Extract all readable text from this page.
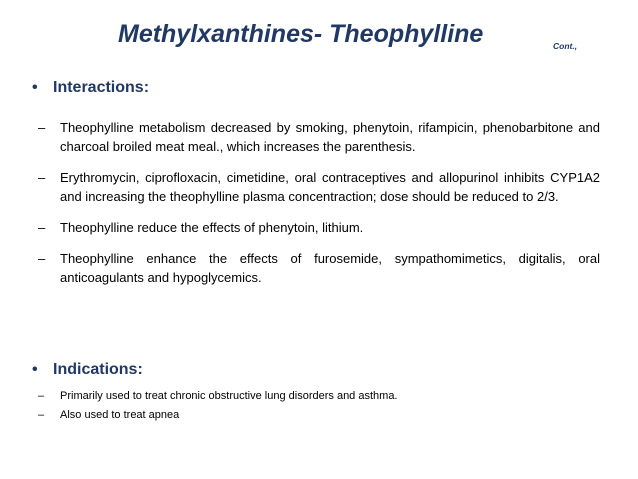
Methylxanthines- Theophylline	Cont.,
• Interactions:
–	Theophylline metabolism decreased by smoking, phenytoin, rifampicin, phenobarbitone and charcoal broiled meat meal., which increases the parenthesis.
–	Erythromycin, ciprofloxacin, cimetidine, oral contraceptives and allopurinol inhibits CYP1A2 and increasing the theophylline plasma concentraction; dose should be reduced to 2/3.
–	Theophylline reduce the effects of phenytoin, lithium.
–	Theophylline enhance the effects of furosemide, sympathomimetics, digitalis, oral anticoagulants and hypoglycemics.
• Indications:
–	Primarily used to treat chronic obstructive lung disorders and asthma.
–	Also used to treat apnea
